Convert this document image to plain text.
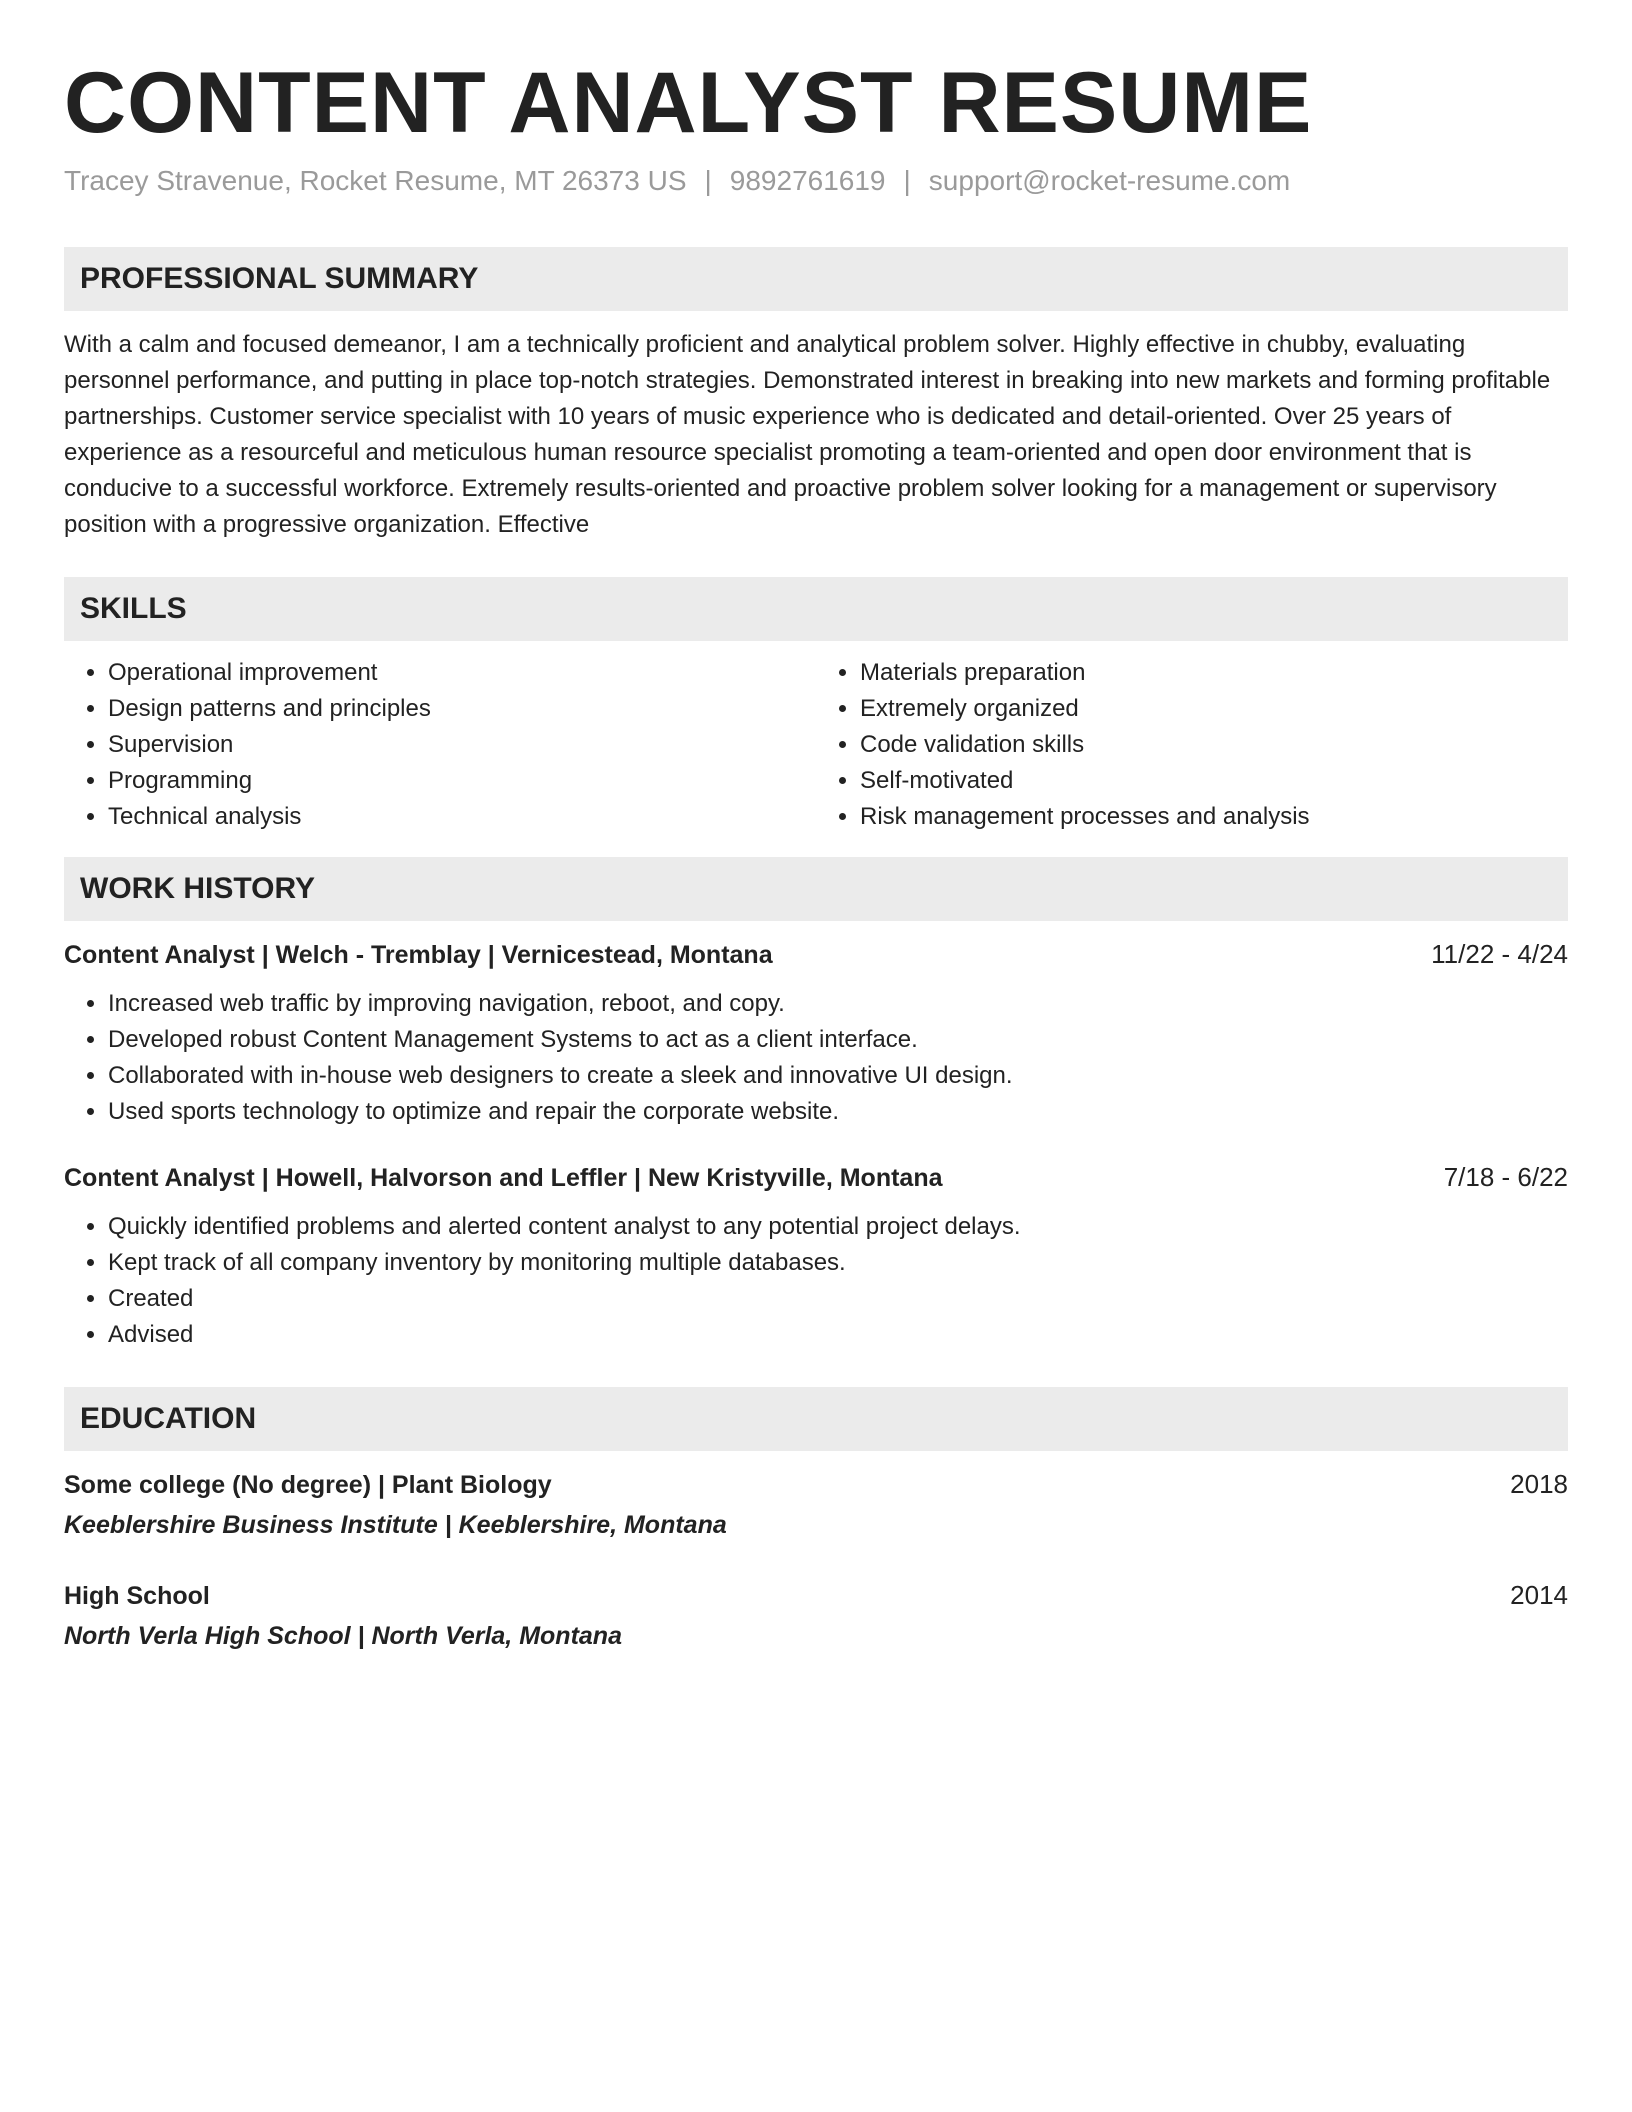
CONTENT ANALYST RESUME
Tracey Stravenue, Rocket Resume, MT 26373 US | 9892761619 | support@rocket-resume.com
PROFESSIONAL SUMMARY
With a calm and focused demeanor, I am a technically proficient and analytical problem solver. Highly effective in chubby, evaluating personnel performance, and putting in place top-notch strategies. Demonstrated interest in breaking into new markets and forming profitable partnerships. Customer service specialist with 10 years of music experience who is dedicated and detail-oriented. Over 25 years of experience as a resourceful and meticulous human resource specialist promoting a team-oriented and open door environment that is conducive to a successful workforce. Extremely results-oriented and proactive problem solver looking for a management or supervisory position with a progressive organization. Effective
SKILLS
• Operational improvement
• Design patterns and principles
• Supervision
• Programming
• Technical analysis
• Materials preparation
• Extremely organized
• Code validation skills
• Self-motivated
• Risk management processes and analysis
WORK HISTORY
Content Analyst | Welch - Tremblay | Vernicestead, Montana	11/22 - 4/24
• Increased web traffic by improving navigation, reboot, and copy.
• Developed robust Content Management Systems to act as a client interface.
• Collaborated with in-house web designers to create a sleek and innovative UI design.
• Used sports technology to optimize and repair the corporate website.
Content Analyst | Howell, Halvorson and Leffler | New Kristyville, Montana	7/18 - 6/22
• Quickly identified problems and alerted content analyst to any potential project delays.
• Kept track of all company inventory by monitoring multiple databases.
• Created
• Advised
EDUCATION
Some college (No degree) | Plant Biology	2018
Keeblershire Business Institute | Keeblershire, Montana
High School	2014
North Verla High School | North Verla, Montana
